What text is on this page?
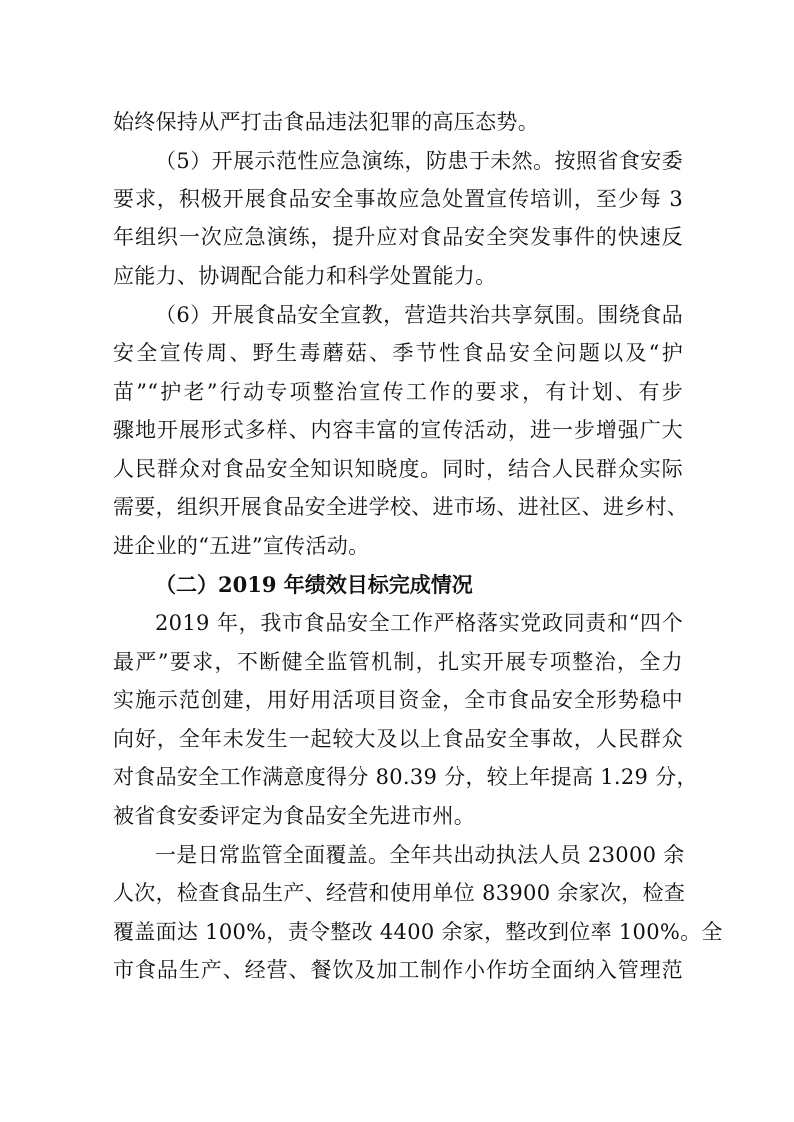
始终保持从严打击食品违法犯罪的高压态势。
（5）开展示范性应急演练，防患于未然。按照省食安委
要求，积极开展食品安全事故应急处置宣传培训，至少每 3
年组织一次应急演练，提升应对食品安全突发事件的快速反
应能力、协调配合能力和科学处置能力。
（6）开展食品安全宣教，营造共治共享氛围。围绕食品
安全宣传周、野生毒蘑菇、季节性食品安全问题以及“护
苗”“护老”行动专项整治宣传工作的要求，有计划、有步
骤地开展形式多样、内容丰富的宣传活动，进一步增强广大
人民群众对食品安全知识知晓度。同时，结合人民群众实际
需要，组织开展食品安全进学校、进市场、进社区、进乡村、
进企业的“五进”宣传活动。
（二）2019 年绩效目标完成情况
2019 年，我市食品安全工作严格落实党政同责和“四个
最严”要求，不断健全监管机制，扎实开展专项整治，全力
实施示范创建，用好用活项目资金，全市食品安全形势稳中
向好，全年未发生一起较大及以上食品安全事故，人民群众
对食品安全工作满意度得分 80.39 分，较上年提高 1.29 分，
被省食安委评定为食品安全先进市州。
一是日常监管全面覆盖。全年共出动执法人员 23000 余
人次，检查食品生产、经营和使用单位 83900 余家次，检查
覆盖面达 100%，责令整改 4400 余家，整改到位率 100%。全
市食品生产、经营、餐饮及加工制作小作坊全面纳入管理范
